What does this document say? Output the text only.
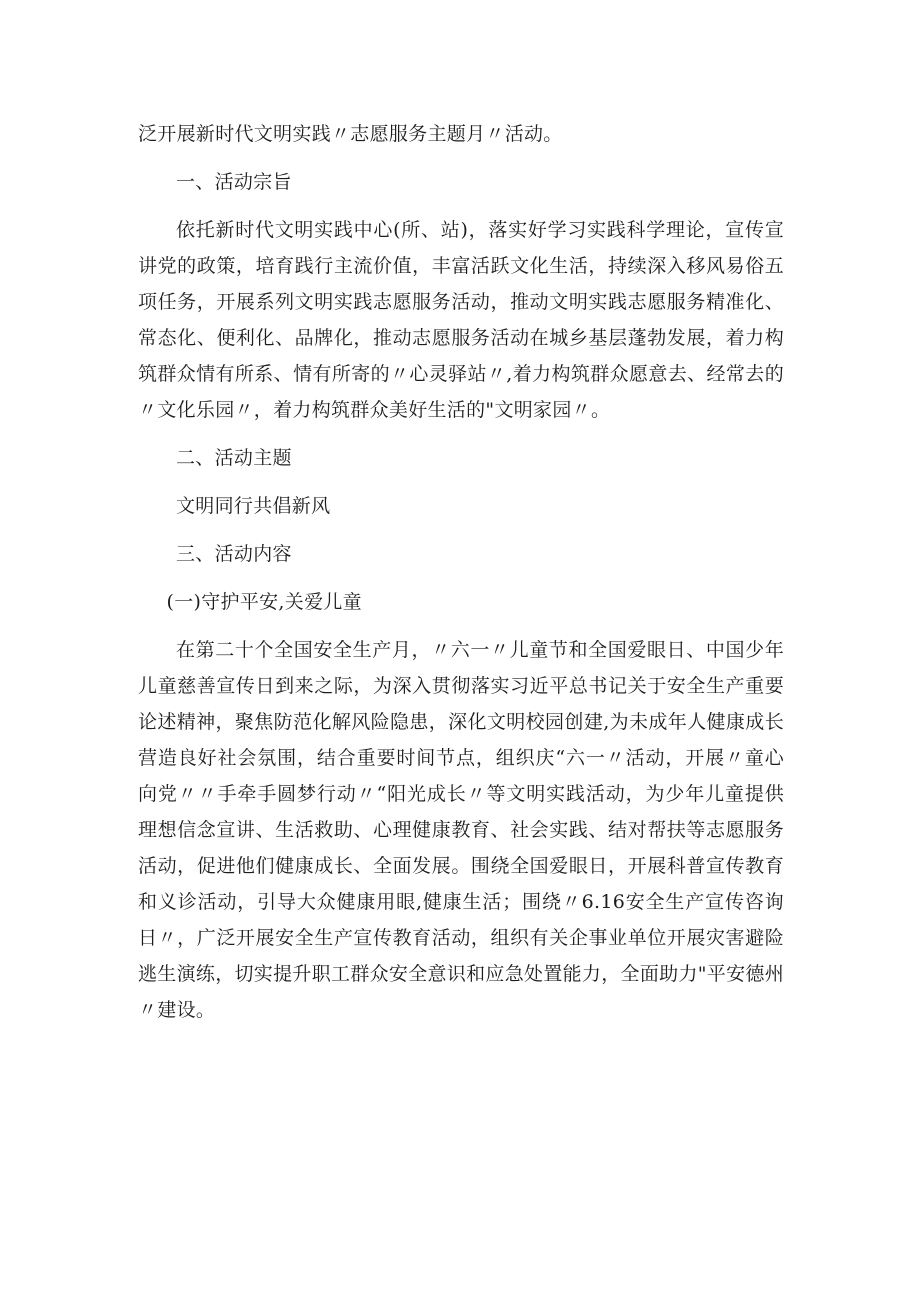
泛开展新时代文明实践〃志愿服务主题月〃活动。

一、活动宗旨

依托新时代文明实践中心(所、站)，落实好学习实践科学理论，宣传宣讲党的政策，培育践行主流价值，丰富活跃文化生活，持续深入移风易俗五项任务，开展系列文明实践志愿服务活动，推动文明实践志愿服务精准化、常态化、便利化、品牌化，推动志愿服务活动在城乡基层蓬勃发展，着力构筑群众情有所系、情有所寄的〃心灵驿站〃,着力构筑群众愿意去、经常去的〃文化乐园〃，着力构筑群众美好生活的"文明家园〃。

二、活动主题

文明同行共倡新风

三、活动内容

(一)守护平安,关爱儿童

在第二十个全国安全生产月，〃六一〃儿童节和全国爱眼日、中国少年儿童慈善宣传日到来之际，为深入贯彻落实习近平总书记关于安全生产重要论述精神，聚焦防范化解风险隐患，深化文明校园创建,为未成年人健康成长营造良好社会氛围，结合重要时间节点，组织庆“六一〃活动，开展〃童心向党〃〃手牵手圆梦行动〃“阳光成长〃等文明实践活动，为少年儿童提供理想信念宣讲、生活救助、心理健康教育、社会实践、结对帮扶等志愿服务活动，促进他们健康成长、全面发展。围绕全国爱眼日，开展科普宣传教育和义诊活动，引导大众健康用眼,健康生活；围绕〃6.16安全生产宣传咨询日〃，广泛开展安全生产宣传教育活动，组织有关企事业单位开展灾害避险逃生演练，切实提升职工群众安全意识和应急处置能力，全面助力"平安德州〃建设。
